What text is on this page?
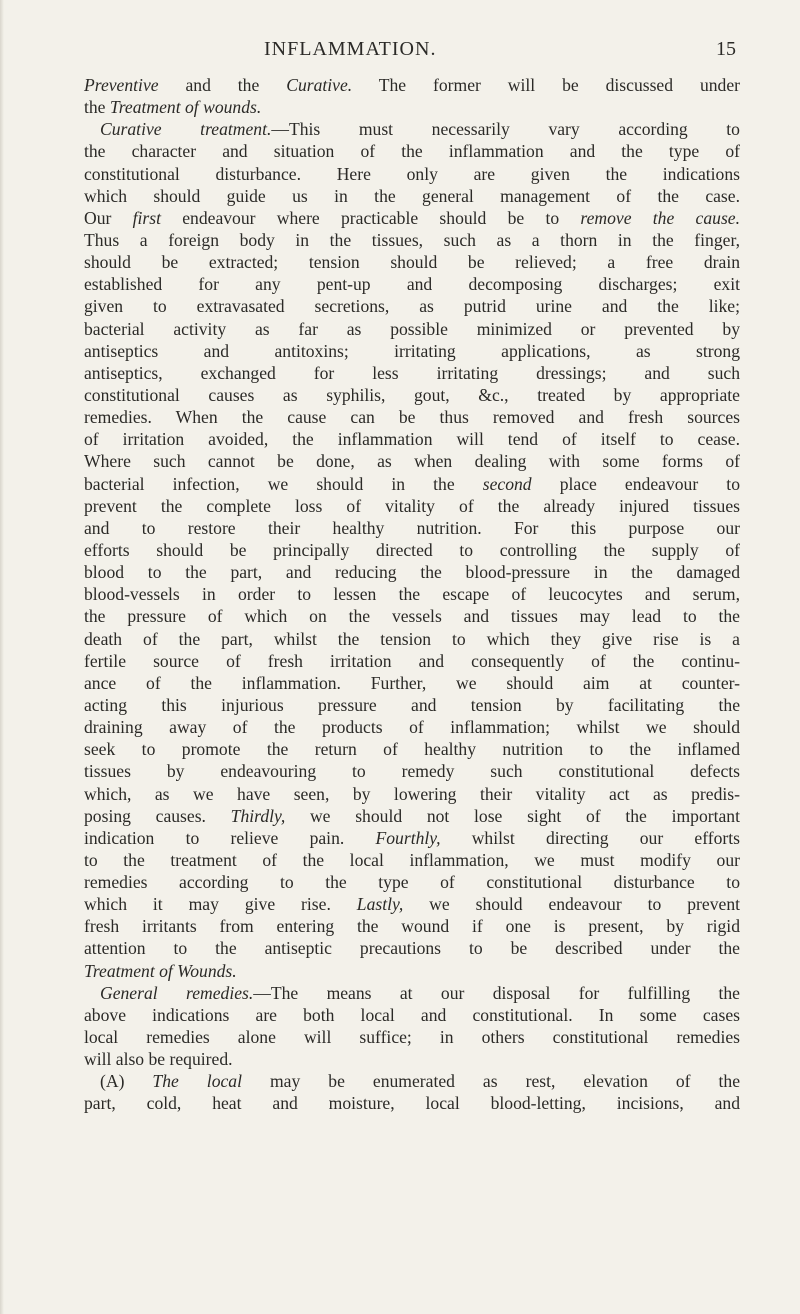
INFLAMMATION.	15

Preventive and the Curative. The former will be discussed under
the Treatment of wounds.

Curative treatment.—This must necessarily vary according to
the character and situation of the inflammation and the type of
constitutional disturbance. Here only are given the indications
which should guide us in the general management of the case.
Our first endeavour where practicable should be to remove the cause.
Thus a foreign body in the tissues, such as a thorn in the finger,
should be extracted; tension should be relieved; a free drain
established for any pent-up and decomposing discharges; exit
given to extravasated secretions, as putrid urine and the like;
bacterial activity as far as possible minimized or prevented by
antiseptics and antitoxins; irritating applications, as strong
antiseptics, exchanged for less irritating dressings; and such
constitutional causes as syphilis, gout, &c., treated by appropriate
remedies. When the cause can be thus removed and fresh sources
of irritation avoided, the inflammation will tend of itself to cease.
Where such cannot be done, as when dealing with some forms of
bacterial infection, we should in the second place endeavour to
prevent the complete loss of vitality of the already injured tissues
and to restore their healthy nutrition. For this purpose our
efforts should be principally directed to controlling the supply of
blood to the part, and reducing the blood-pressure in the damaged
blood-vessels in order to lessen the escape of leucocytes and serum,
the pressure of which on the vessels and tissues may lead to the
death of the part, whilst the tension to which they give rise is a
fertile source of fresh irritation and consequently of the continu-
ance of the inflammation. Further, we should aim at counter-
acting this injurious pressure and tension by facilitating the
draining away of the products of inflammation; whilst we should
seek to promote the return of healthy nutrition to the inflamed
tissues by endeavouring to remedy such constitutional defects
which, as we have seen, by lowering their vitality act as predis-
posing causes. Thirdly, we should not lose sight of the important
indication to relieve pain. Fourthly, whilst directing our efforts
to the treatment of the local inflammation, we must modify our
remedies according to the type of constitutional disturbance to
which it may give rise. Lastly, we should endeavour to prevent
fresh irritants from entering the wound if one is present, by rigid
attention to the antiseptic precautions to be described under the
Treatment of Wounds.

General remedies.—The means at our disposal for fulfilling the
above indications are both local and constitutional. In some cases
local remedies alone will suffice; in others constitutional remedies
will also be required.

(A) The local may be enumerated as rest, elevation of the
part, cold, heat and moisture, local blood-letting, incisions, and
